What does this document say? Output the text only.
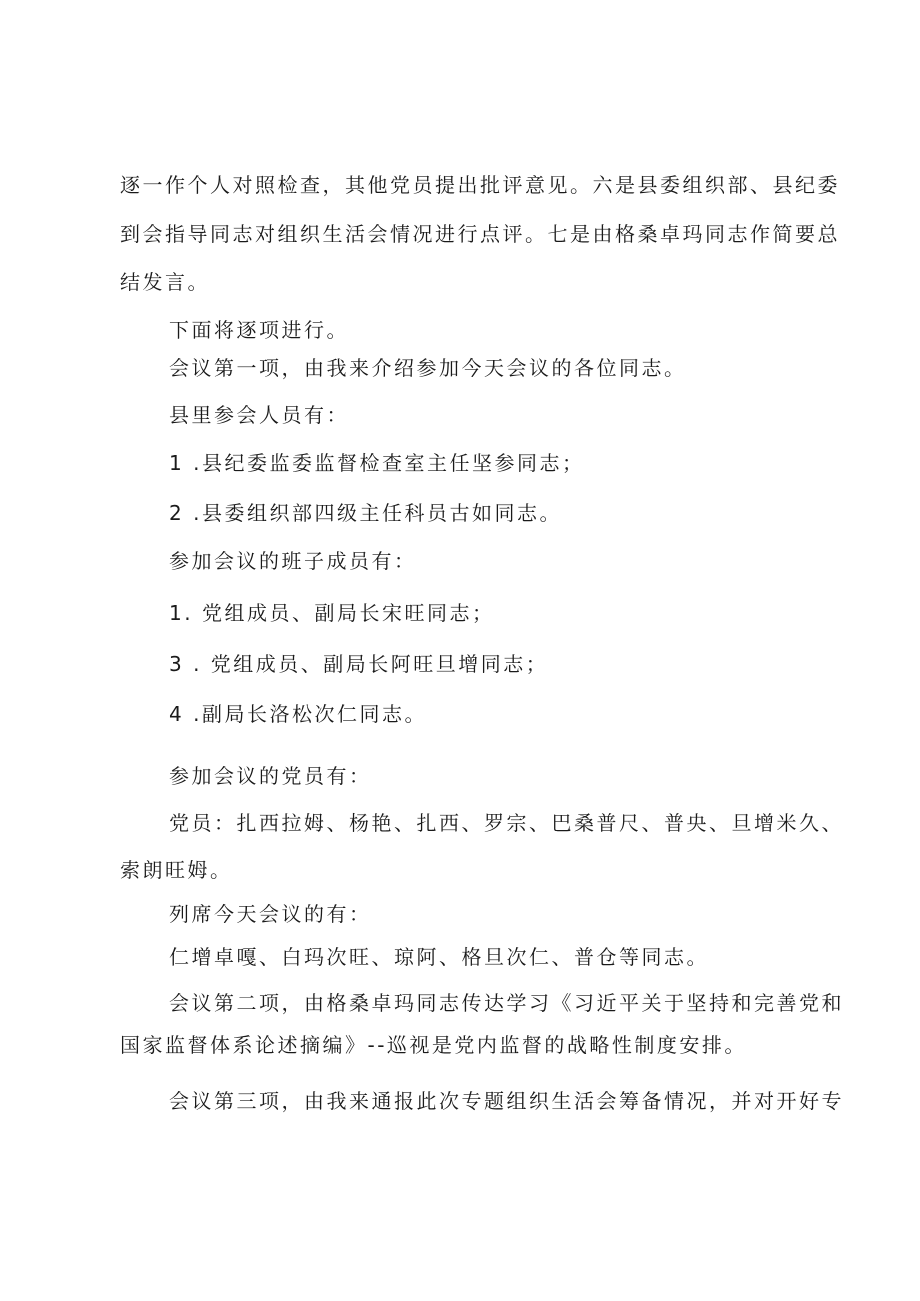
逐一作个人对照检查，其他党员提出批评意见。六是县委组织部、县纪委
到会指导同志对组织生活会情况进行点评。七是由格桑卓玛同志作简要总
结发言。
下面将逐项进行。
会议第一项，由我来介绍参加今天会议的各位同志。
县里参会人员有：
1 .县纪委监委监督检查室主任坚参同志；
2 .县委组织部四级主任科员古如同志。
参加会议的班子成员有：
1. 党组成员、副局长宋旺同志；
3 . 党组成员、副局长阿旺旦增同志；
4 .副局长洛松次仁同志。
参加会议的党员有：
党员：扎西拉姆、杨艳、扎西、罗宗、巴桑普尺、普央、旦增米久、
索朗旺姆。
列席今天会议的有：
仁增卓嘎、白玛次旺、琼阿、格旦次仁、普仓等同志。
会议第二项，由格桑卓玛同志传达学习《习近平关于坚持和完善党和
国家监督体系论述摘编》--巡视是党内监督的战略性制度安排。
会议第三项，由我来通报此次专题组织生活会筹备情况，并对开好专
